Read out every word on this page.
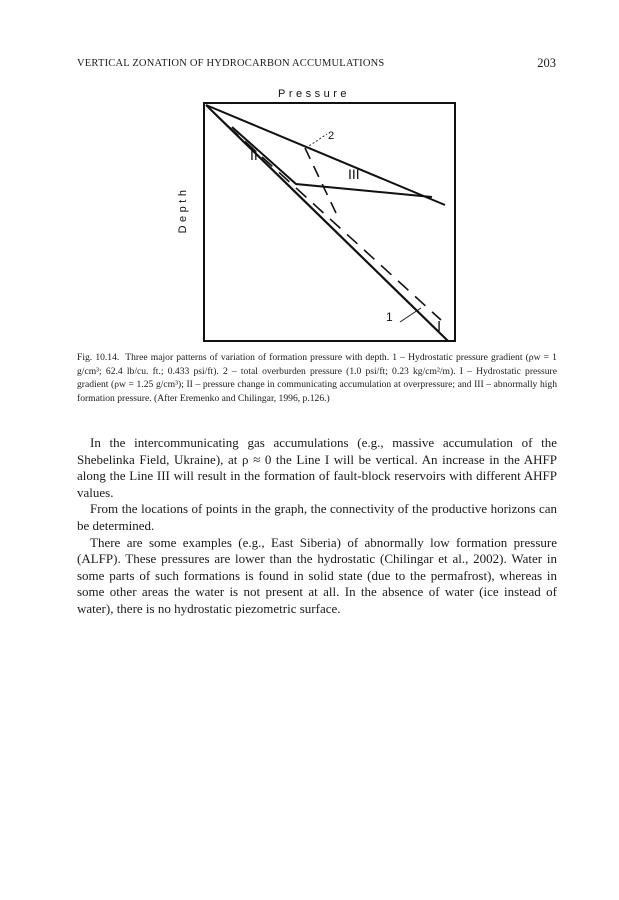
VERTICAL ZONATION OF HYDROCARBON ACCUMULATIONS	203
Pressure
Depth
2
II
III
1
I
Fig. 10.14. Three major patterns of variation of formation pressure with depth. 1 – Hydrostatic pressure gradient (ρw = 1 g/cm³; 62.4 lb/cu. ft.; 0.433 psi/ft). 2 – total overburden pressure (1.0 psi/ft; 0.23 kg/cm²/m). I – Hydrostatic pressure gradient (ρw = 1.25 g/cm³); II – pressure change in communicating accumulation at overpressure; and III – abnormally high formation pressure. (After Eremenko and Chilingar, 1996, p.126.)

In the intercommunicating gas accumulations (e.g., massive accumulation of the Shebelinka Field, Ukraine), at ρ ≈ 0 the Line I will be vertical. An increase in the AHFP along the Line III will result in the formation of fault-block reservoirs with different AHFP values.

From the locations of points in the graph, the connectivity of the productive horizons can be determined.

There are some examples (e.g., East Siberia) of abnormally low formation pressure (ALFP). These pressures are lower than the hydrostatic (Chilingar et al., 2002). Water in some parts of such formations is found in solid state (due to the permafrost), whereas in some other areas the water is not present at all. In the absence of water (ice instead of water), there is no hydrostatic piezometric surface.
